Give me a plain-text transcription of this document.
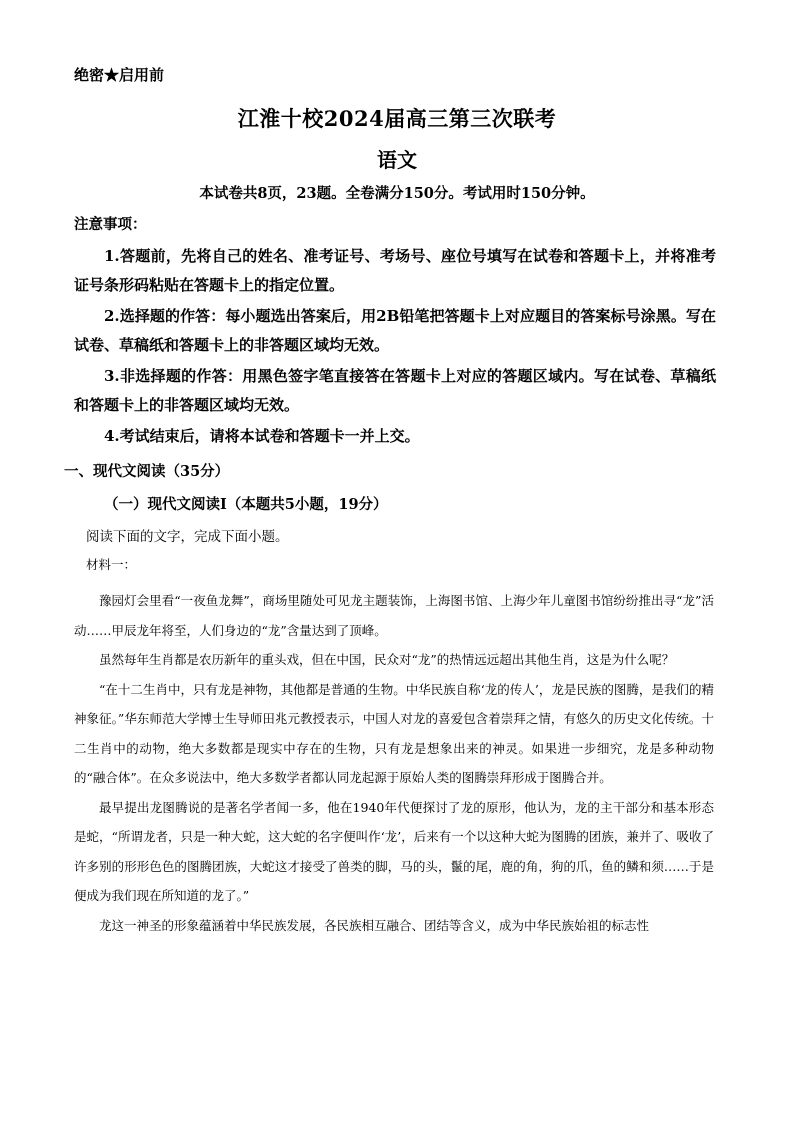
绝密★启用前
江淮十校2024届高三第三次联考
语文
本试卷共8页，23题。全卷满分150分。考试用时150分钟。
注意事项：

1.答题前，先将自己的姓名、准考证号、考场号、座位号填写在试卷和答题卡上，并将准考证号条形码粘贴在答题卡上的指定位置。

2.选择题的作答：每小题选出答案后，用2B铅笔把答题卡上对应题目的答案标号涂黑。写在试卷、草稿纸和答题卡上的非答题区域均无效。

3.非选择题的作答：用黑色签字笔直接答在答题卡上对应的答题区域内。写在试卷、草稿纸和答题卡上的非答题区域均无效。

4.考试结束后，请将本试卷和答题卡一并上交。

一、现代文阅读（35分）
（一）现代文阅读Ⅰ（本题共5小题，19分）
阅读下面的文字，完成下面小题。
材料一：

豫园灯会里看“一夜鱼龙舞”，商场里随处可见龙主题装饰，上海图书馆、上海少年儿童图书馆纷纷推出寻“龙”活动……甲辰龙年将至，人们身边的“龙”含量达到了顶峰。

虽然每年生肖都是农历新年的重头戏，但在中国，民众对“龙”的热情远远超出其他生肖，这是为什么呢？

“在十二生肖中，只有龙是神物，其他都是普通的生物。中华民族自称‘龙的传人’，龙是民族的图腾，是我们的精神象征。”华东师范大学博士生导师田兆元教授表示，中国人对龙的喜爱包含着崇拜之情，有悠久的历史文化传统。十二生肖中的动物，绝大多数都是现实中存在的生物，只有龙是想象出来的神灵。如果进一步细究，龙是多种动物的“融合体”。在众多说法中，绝大多数学者都认同龙起源于原始人类的图腾崇拜形成于图腾合并。

最早提出龙图腾说的是著名学者闻一多，他在1940年代便探讨了龙的原形，他认为，龙的主干部分和基本形态是蛇，“所谓龙者，只是一种大蛇，这大蛇的名字便叫作‘龙’，后来有一个以这种大蛇为图腾的团族，兼并了、吸收了许多别的形形色色的图腾团族，大蛇这才接受了兽类的脚，马的头，鬣的尾，鹿的角，狗的爪，鱼的鳞和须……于是便成为我们现在所知道的龙了。”

龙这一神圣的形象蕴涵着中华民族发展，各民族相互融合、团结等含义，成为中华民族始祖的标志性
